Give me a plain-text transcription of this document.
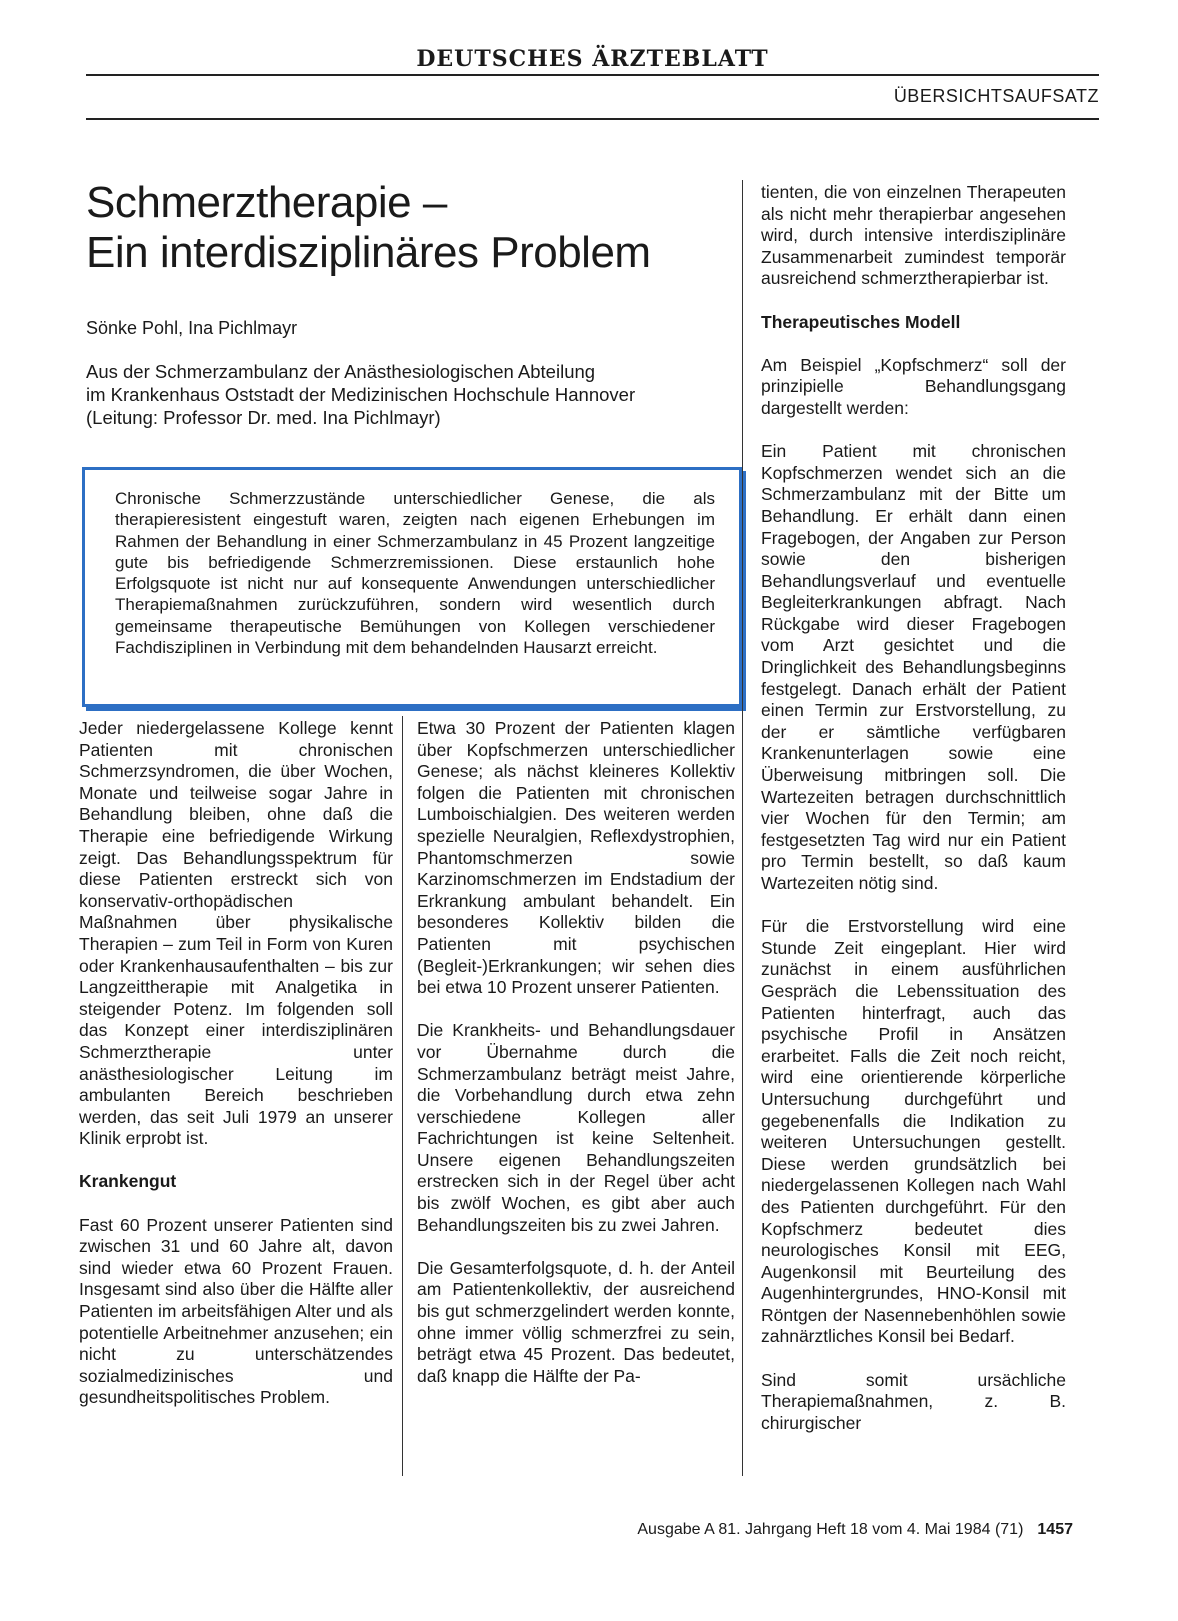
DEUTSCHES ÄRZTEBLATT
ÜBERSICHTSAUFSATZ
Schmerztherapie –
Ein interdisziplinäres Problem
Sönke Pohl, Ina Pichlmayr
Aus der Schmerzambulanz der Anästhesiologischen Abteilung
im Krankenhaus Oststadt der Medizinischen Hochschule Hannover
(Leitung: Professor Dr. med. Ina Pichlmayr)
Chronische Schmerzzustände unterschiedlicher Genese, die als therapieresistent eingestuft waren, zeigten nach eigenen Erhebungen im Rahmen der Behandlung in einer Schmerzambulanz in 45 Prozent langzeitige gute bis befriedigende Schmerzremissionen. Diese erstaunlich hohe Erfolgsquote ist nicht nur auf konsequente Anwendungen unterschiedlicher Therapiemaßnahmen zurückzuführen, sondern wird wesentlich durch gemeinsame therapeutische Bemühungen von Kollegen verschiedener Fachdisziplinen in Verbindung mit dem behandelnden Hausarzt erreicht.

Jeder niedergelassene Kollege kennt Patienten mit chronischen Schmerzsyndromen, die über Wochen, Monate und teilweise sogar Jahre in Behandlung bleiben, ohne daß die Therapie eine befriedigende Wirkung zeigt. Das Behandlungsspektrum für diese Patienten erstreckt sich von konservativ-orthopädischen Maßnahmen über physikalische Therapien – zum Teil in Form von Kuren oder Krankenhausaufenthalten – bis zur Langzeittherapie mit Analgetika in steigender Potenz. Im folgenden soll das Konzept einer interdisziplinären Schmerztherapie unter anästhesiologischer Leitung im ambulanten Bereich beschrieben werden, das seit Juli 1979 an unserer Klinik erprobt ist.

Krankengut

Fast 60 Prozent unserer Patienten sind zwischen 31 und 60 Jahre alt, davon sind wieder etwa 60 Prozent Frauen. Insgesamt sind also über die Hälfte aller Patienten im arbeitsfähigen Alter und als potentielle Arbeitnehmer anzusehen; ein nicht zu unterschätzendes sozialmedizinisches und gesundheitspolitisches Problem.

Etwa 30 Prozent der Patienten klagen über Kopfschmerzen unterschiedlicher Genese; als nächst kleineres Kollektiv folgen die Patienten mit chronischen Lumboischialgien. Des weiteren werden spezielle Neuralgien, Reflexdystrophien, Phantomschmerzen sowie Karzinomschmerzen im Endstadium der Erkrankung ambulant behandelt. Ein besonderes Kollektiv bilden die Patienten mit psychischen (Begleit-)Erkrankungen; wir sehen dies bei etwa 10 Prozent unserer Patienten.

Die Krankheits- und Behandlungsdauer vor Übernahme durch die Schmerzambulanz beträgt meist Jahre, die Vorbehandlung durch etwa zehn verschiedene Kollegen aller Fachrichtungen ist keine Seltenheit. Unsere eigenen Behandlungszeiten erstrecken sich in der Regel über acht bis zwölf Wochen, es gibt aber auch Behandlungszeiten bis zu zwei Jahren.

Die Gesamterfolgsquote, d. h. der Anteil am Patientenkollektiv, der ausreichend bis gut schmerzgelindert werden konnte, ohne immer völlig schmerzfrei zu sein, beträgt etwa 45 Prozent. Das bedeutet, daß knapp die Hälfte der Pa-

tienten, die von einzelnen Therapeuten als nicht mehr therapierbar angesehen wird, durch intensive interdisziplinäre Zusammenarbeit zumindest temporär ausreichend schmerztherapierbar ist.

Therapeutisches Modell

Am Beispiel „Kopfschmerz“ soll der prinzipielle Behandlungsgang dargestellt werden:

Ein Patient mit chronischen Kopfschmerzen wendet sich an die Schmerzambulanz mit der Bitte um Behandlung. Er erhält dann einen Fragebogen, der Angaben zur Person sowie den bisherigen Behandlungsverlauf und eventuelle Begleiterkrankungen abfragt. Nach Rückgabe wird dieser Fragebogen vom Arzt gesichtet und die Dringlichkeit des Behandlungsbeginns festgelegt. Danach erhält der Patient einen Termin zur Erstvorstellung, zu der er sämtliche verfügbaren Krankenunterlagen sowie eine Überweisung mitbringen soll. Die Wartezeiten betragen durchschnittlich vier Wochen für den Termin; am festgesetzten Tag wird nur ein Patient pro Termin bestellt, so daß kaum Wartezeiten nötig sind.

Für die Erstvorstellung wird eine Stunde Zeit eingeplant. Hier wird zunächst in einem ausführlichen Gespräch die Lebenssituation des Patienten hinterfragt, auch das psychische Profil in Ansätzen erarbeitet. Falls die Zeit noch reicht, wird eine orientierende körperliche Untersuchung durchgeführt und gegebenenfalls die Indikation zu weiteren Untersuchungen gestellt. Diese werden grundsätzlich bei niedergelassenen Kollegen nach Wahl des Patienten durchgeführt. Für den Kopfschmerz bedeutet dies neurologisches Konsil mit EEG, Augenkonsil mit Beurteilung des Augenhintergrundes, HNO-Konsil mit Röntgen der Nasennebenhöhlen sowie zahnärztliches Konsil bei Bedarf.

Sind somit ursächliche Therapiemaßnahmen, z. B. chirurgischer

Ausgabe A 81. Jahrgang Heft 18 vom 4. Mai 1984 (71) 1457
